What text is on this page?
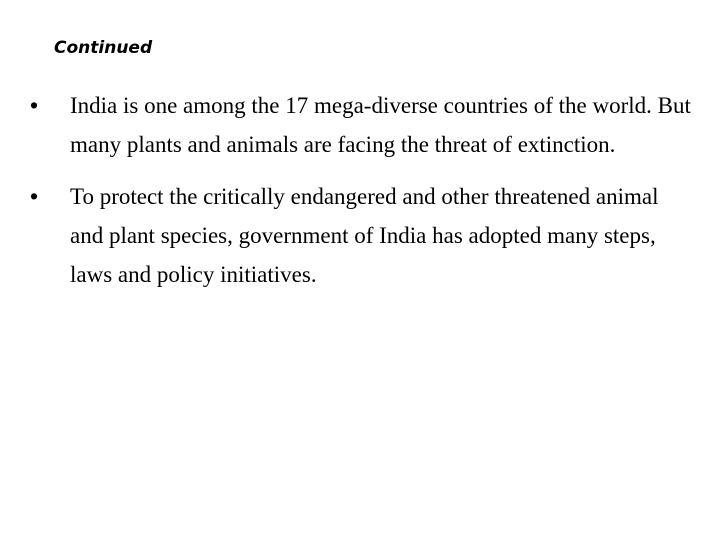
Continued
• India is one among the 17 mega-diverse countries of the world. But many plants and animals are facing the threat of extinction.
• To protect the critically endangered and other threatened animal and plant species, government of India has adopted many steps, laws and policy initiatives.
